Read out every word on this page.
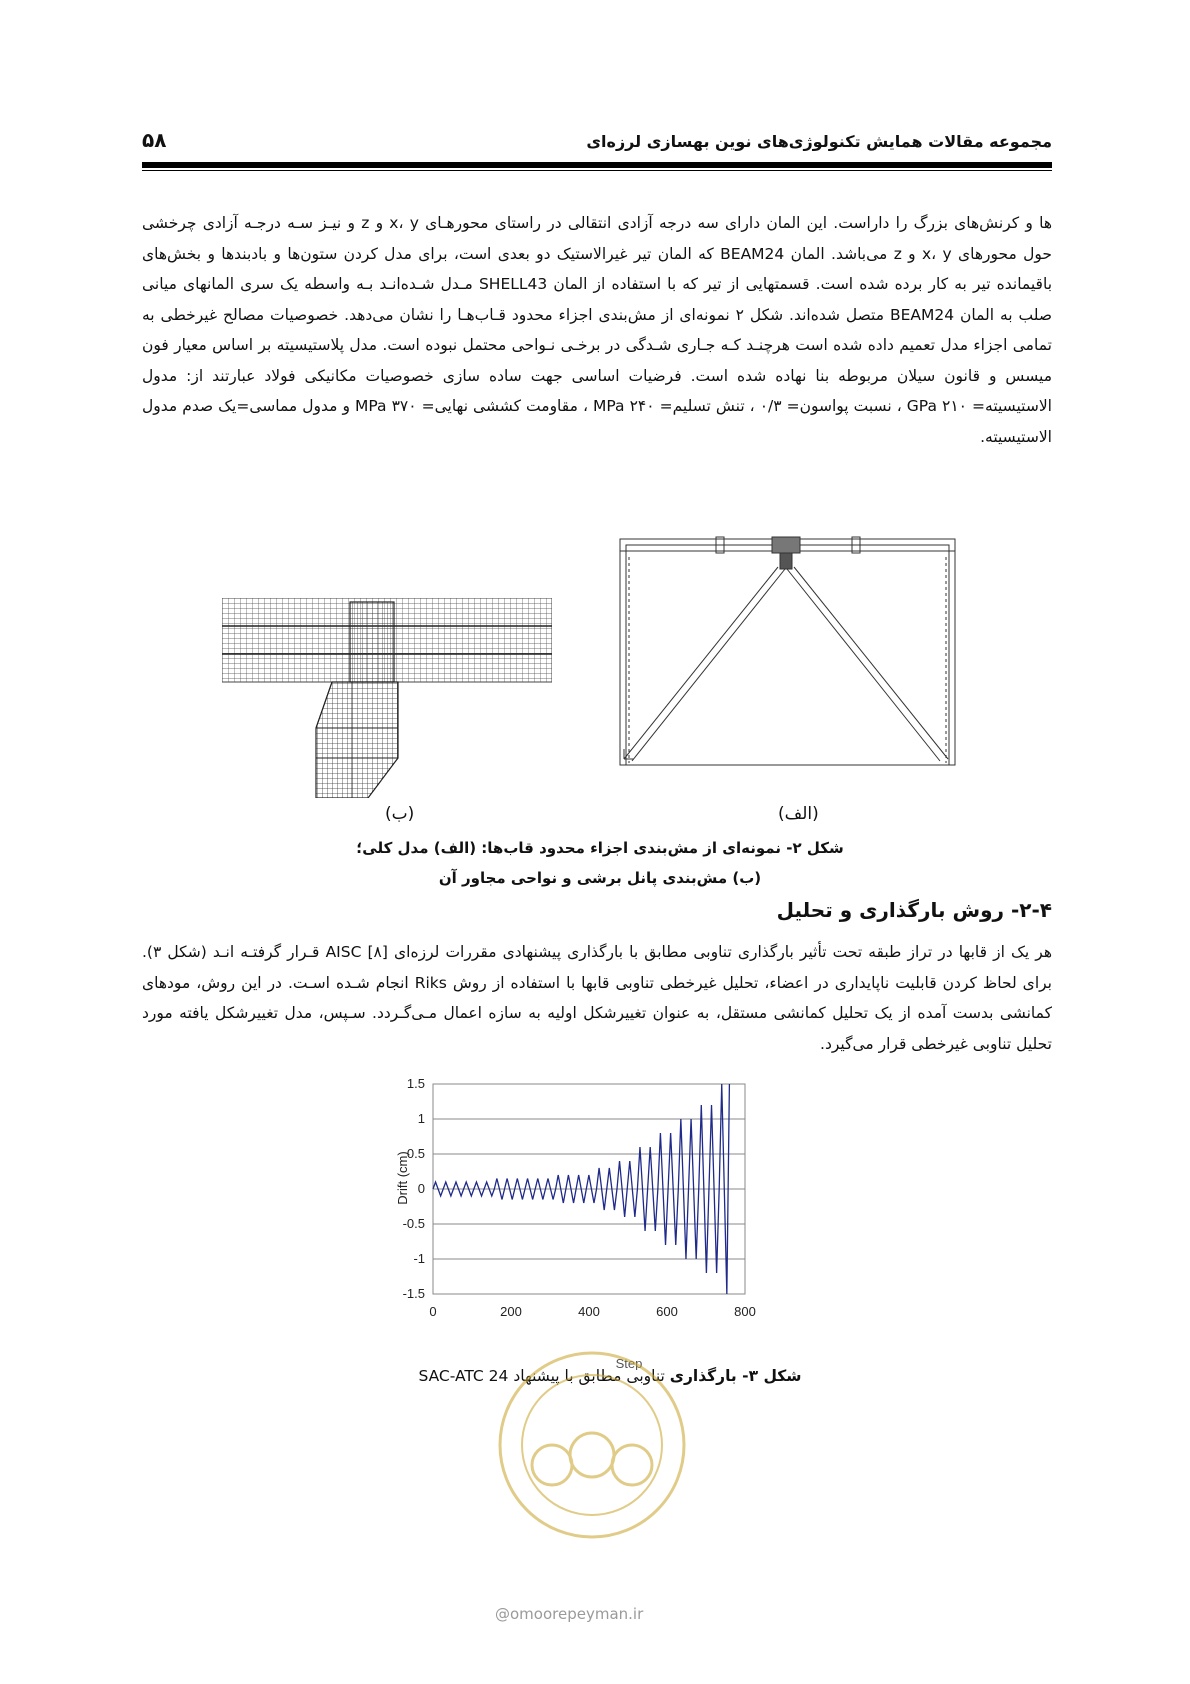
مجموعه مقالات همایش تکنولوژی‌های نوین بهسازی لرزه‌ای
۵۸

ها و کرنش‌های بزرگ را داراست. این المان دارای سه درجه آزادی انتقالی در راستای محورهـای x، y و z و نیـز سـه درجـه آزادی چرخشی حول محورهای x، y و z می‌باشد. المان BEAM24 که المان تیر غیرالاستیک دو بعدی است، برای مدل کردن ستون‌ها و بادبندها و بخش‌های باقیمانده تیر به کار برده شده است. قسمتهایی از تیر که با استفاده از المان SHELL43 مـدل شـده‌انـد بـه واسطه یک سری المانهای میانی صلب به المان BEAM24 متصل شده‌اند. شکل ۲ نمونه‌ای از مش‌بندی اجزاء محدود قـاب‌هـا را نشان می‌دهد. خصوصیات مصالح غیرخطی به تمامی اجزاء مدل تعمیم داده شده است هرچنـد کـه جـاری شـدگی در برخـی نـواحی محتمل نبوده است. مدل پلاستیسیته بر اساس معیار فون میسس و قانون سیلان مربوطه بنا نهاده شده است. فرضیات اساسی جهت ساده سازی خصوصیات مکانیکی فولاد عبارتند از: مدول الاستیسیته= ۲۱۰ GPa ، نسبت پواسون= ۰/۳ ، تنش تسلیم= ۲۴۰ MPa ، مقاومت کششی نهایی= ۳۷۰ MPa و مدول مماسی=یک صدم مدول الاستیسیته.

(الف)
(ب)
شکل ۲- نمونه‌ای از مش‌بندی اجزاء محدود قاب‌ها: (الف) مدل کلی؛
(ب) مش‌بندی پانل برشی و نواحی مجاور آن
۲-۴- روش بارگذاری و تحلیل

هر یک از قابها در تراز طبقه تحت تأثیر بارگذاری تناوبی مطابق با بارگذاری پیشنهادی مقررات لرزه‌ای AISC [۸] قـرار گرفتـه انـد (شکل ۳). برای لحاظ کردن قابلیت ناپایداری در اعضاء، تحلیل غیرخطی تناوبی قابها با استفاده از روش Riks انجام شـده اسـت. در این روش، مودهای کمانشی بدست آمده از یک تحلیل کمانشی مستقل، به عنوان تغییرشکل اولیه به سازه اعمال مـی‌گـردد. سـپس، مدل تغییرشکل یافته مورد تحلیل تناوبی غیرخطی قرار می‌گیرد.

1.5
1
0.5
0
-0.5
-1
-1.5
0	200	400	600	800
Drift (cm)
Step
شکل ۳- بارگذاری تناوبی مطابق با پیشنهاد SAC-ATC 24
@omoorepeyman.ir
